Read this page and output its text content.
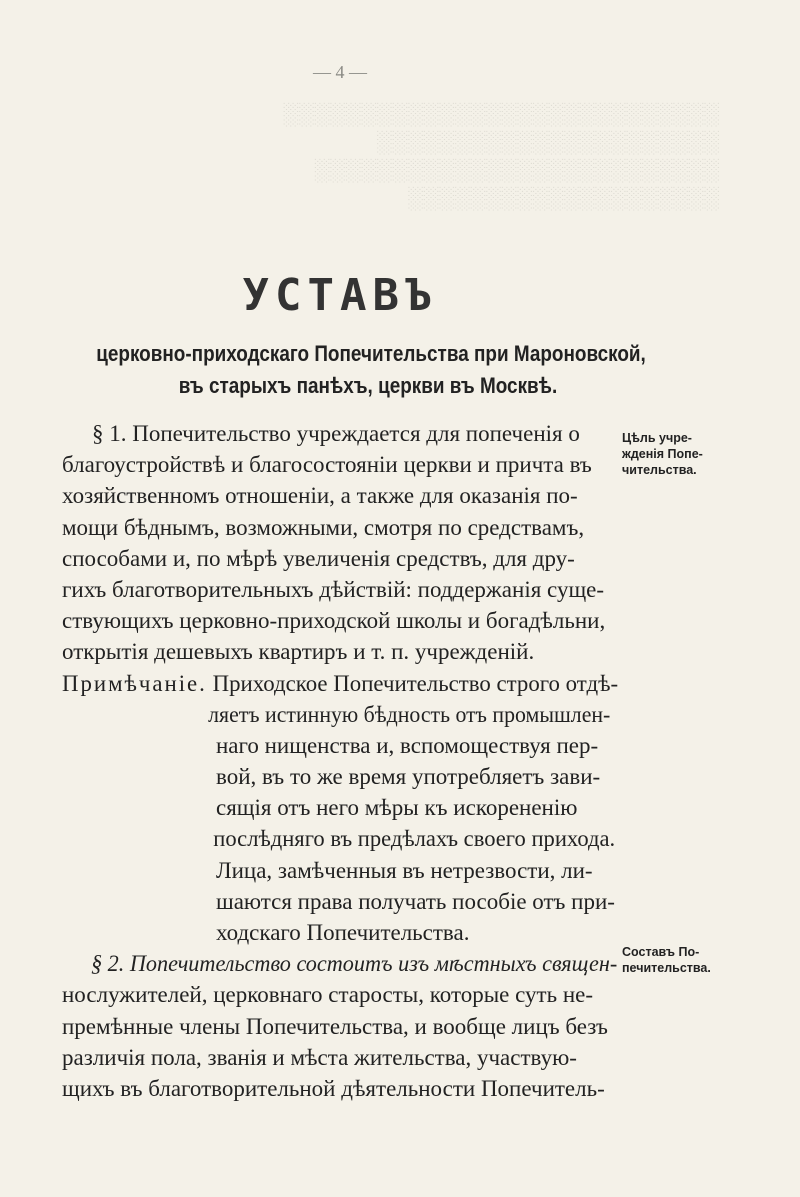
░░░░░░░░░░░░░░░░░░░░░░░░░░░░
░░░░░░░░░░░░░░░░░░░░░░
░░░░░░░░░░░░░░░░░░░░░░░░░░
░░░░░░░░░░░░░░░░░░░░
— 4 —
УСТАВЪ
церковно-приходскаго Попечительства при Мароновской,
въ старыхъ панѣхъ, церкви въ Москвѣ.
§ 1. Попечительство учреждается для попеченія о
благоустройствѣ и благосостояніи церкви и причта въ
хозяйственномъ отношеніи, а также для оказанія по-
мощи бѣднымъ, возможными, смотря по средствамъ,
способами и, по мѣрѣ увеличенія средствъ, для дру-
гихъ благотворительныхъ дѣйствій: поддержанія суще-
ствующихъ церковно-приходской школы и богадѣльни,
открытія дешевыхъ квартиръ и т. п. учрежденій.
Примѣчаніе. Приходское Попечительство строго отдѣ-
ляетъ истинную бѣдность отъ промышлен-
наго нищенства и, вспомоществуя пер-
вой, въ то же время употребляетъ зави-
сящія отъ него мѣры къ искорененію
послѣдняго въ предѣлахъ своего прихода.
Лица, замѣченныя въ нетрезвости, ли-
шаются права получать пособіе отъ при-
ходскаго Попечительства.
§ 2. Попечительство состоитъ изъ мѣстныхъ священ-
нослужителей, церковнаго старосты, которые суть не-
премѣнные члены Попечительства, и вообще лицъ безъ
различія пола, званія и мѣста жительства, участвую-
щихъ въ благотворительной дѣятельности Попечитель-
Цѣль учре-
жденія Попе-
чительства.
Составъ По-
печительства.
